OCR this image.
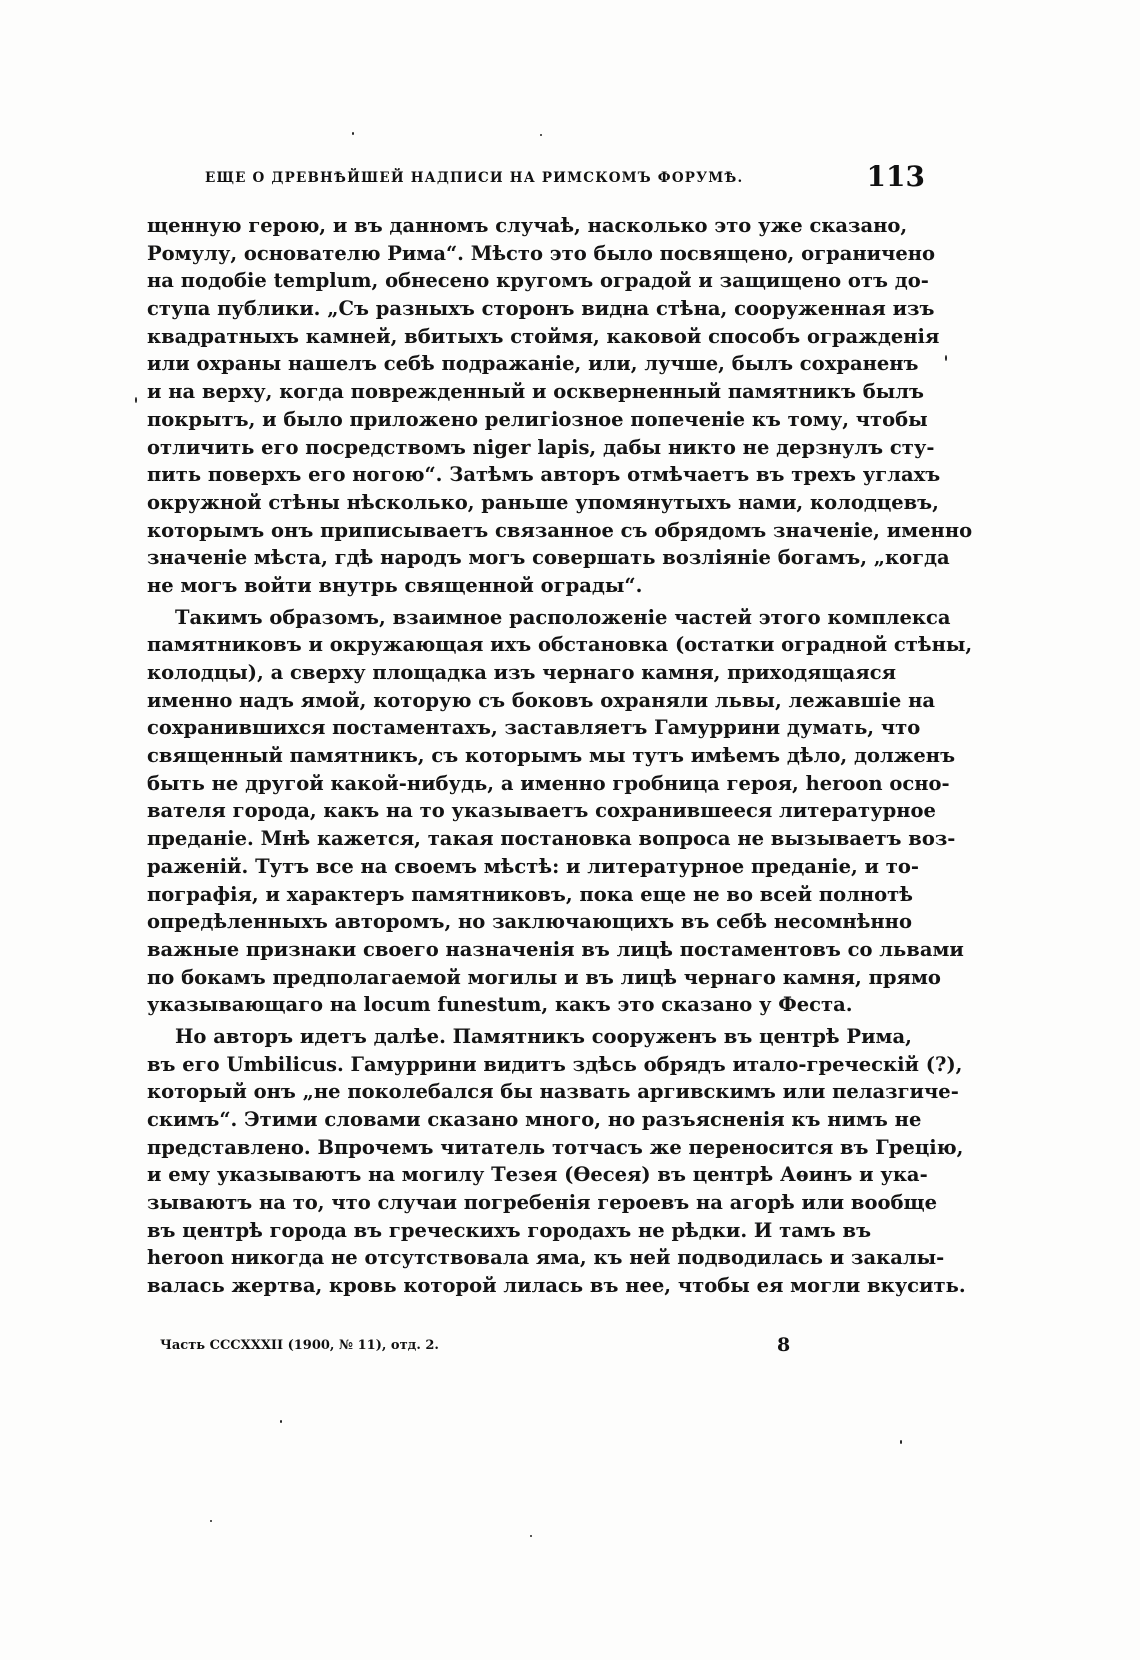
ЕЩЕ О ДРЕВНѢЙШЕЙ НАДПИСИ НА РИМСКОМЪ ФОРУМѢ.	113
щенную герою, и въ данномъ случаѣ, насколько это уже сказано,
Ромулу, основателю Рима“. Мѣсто это было посвящено, ограничено
на подобіе templum, обнесено кругомъ оградой и защищено отъ до-
ступа публики. „Съ разныхъ сторонъ видна стѣна, сооруженная изъ
квадратныхъ камней, вбитыхъ стоймя, каковой способъ огражденія
или охраны нашелъ себѣ подражаніе, или, лучше, былъ сохраненъ
и на верху, когда поврежденный и оскверненный памятникъ былъ
покрытъ, и было приложено религіозное попеченіе къ тому, чтобы
отличить его посредствомъ niger lapis, дабы никто не дерзнулъ сту-
пить поверхъ его ногою“. Затѣмъ авторъ отмѣчаетъ въ трехъ углахъ
окружной стѣны нѣсколько, раньше упомянутыхъ нами, колодцевъ,
которымъ онъ приписываетъ связанное съ обрядомъ значеніе, именно
значеніе мѣста, гдѣ народъ могъ совершать возліяніе богамъ, „когда
не могъ войти внутрь священной ограды“.
Такимъ образомъ, взаимное расположеніе частей этого комплекса
памятниковъ и окружающая ихъ обстановка (остатки оградной стѣны,
колодцы), а сверху площадка изъ чернаго камня, приходящаяся
именно надъ ямой, которую съ боковъ охраняли львы, лежавшіе на
сохранившихся постаментахъ, заставляетъ Гамуррини думать, что
священный памятникъ, съ которымъ мы тутъ имѣемъ дѣло, долженъ
быть не другой какой-нибудь, а именно гробница героя, heroon осно-
вателя города, какъ на то указываетъ сохранившееся литературное
преданіе. Мнѣ кажется, такая постановка вопроса не вызываетъ воз-
раженій. Тутъ все на своемъ мѣстѣ: и литературное преданіе, и то-
пографія, и характеръ памятниковъ, пока еще не во всей полнотѣ
опредѣленныхъ авторомъ, но заключающихъ въ себѣ несомнѣнно
важные признаки своего назначенія въ лицѣ постаментовъ со львами
по бокамъ предполагаемой могилы и въ лицѣ чернаго камня, прямо
указывающаго на locum funestum, какъ это сказано у Феста.
Но авторъ идетъ далѣе. Памятникъ сооруженъ въ центрѣ Рима,
въ его Umbilicus. Гамуррини видитъ здѣсь обрядъ итало-греческій (?),
который онъ „не поколебался бы назвать аргивскимъ или пелазгиче-
скимъ“. Этими словами сказано много, но разъясненія къ нимъ не
представлено. Впрочемъ читатель тотчасъ же переносится въ Грецію,
и ему указываютъ на могилу Тезея (Ѳесея) въ центрѣ Аѳинъ и ука-
зываютъ на то, что случаи погребенія героевъ на агорѣ или вообще
въ центрѣ города въ греческихъ городахъ не рѣдки. И тамъ въ
heroon никогда не отсутствовала яма, къ ней подводилась и закалы-
валась жертва, кровь которой лилась въ нее, чтобы ея могли вкусить.
Часть СССХХХII (1900, № 11), отд. 2.	8
